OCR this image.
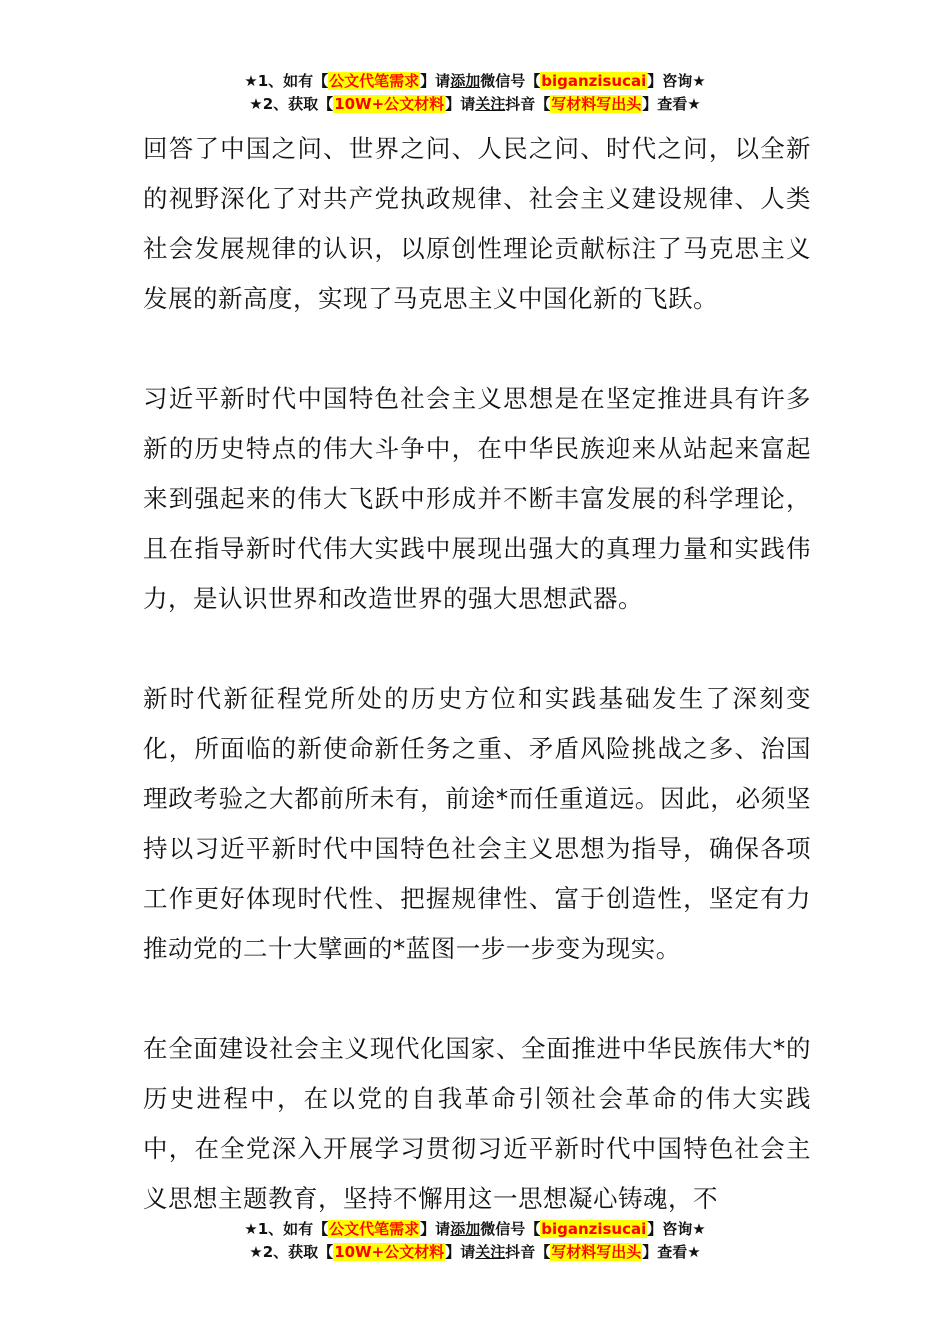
★1、如有【公文代笔需求】请添加微信号【biganzisucai】咨询★
★2、获取【10W+公文材料】请关注抖音【写材料写出头】查看★

回答了中国之问、世界之问、人民之问、时代之问，以全新的视野深化了对共产党执政规律、社会主义建设规律、人类社会发展规律的认识，以原创性理论贡献标注了马克思主义发展的新高度，实现了马克思主义中国化新的飞跃。

习近平新时代中国特色社会主义思想是在坚定推进具有许多新的历史特点的伟大斗争中，在中华民族迎来从站起来富起来到强起来的伟大飞跃中形成并不断丰富发展的科学理论，且在指导新时代伟大实践中展现出强大的真理力量和实践伟力，是认识世界和改造世界的强大思想武器。

新时代新征程党所处的历史方位和实践基础发生了深刻变化，所面临的新使命新任务之重、矛盾风险挑战之多、治国理政考验之大都前所未有，前途*而任重道远。因此，必须坚持以习近平新时代中国特色社会主义思想为指导，确保各项工作更好体现时代性、把握规律性、富于创造性，坚定有力推动党的二十大擘画的*蓝图一步一步变为现实。

在全面建设社会主义现代化国家、全面推进中华民族伟大*的历史进程中，在以党的自我革命引领社会革命的伟大实践中，在全党深入开展学习贯彻习近平新时代中国特色社会主义思想主题教育，坚持不懈用这一思想凝心铸魂，不

★1、如有【公文代笔需求】请添加微信号【biganzisucai】咨询★
★2、获取【10W+公文材料】请关注抖音【写材料写出头】查看★
